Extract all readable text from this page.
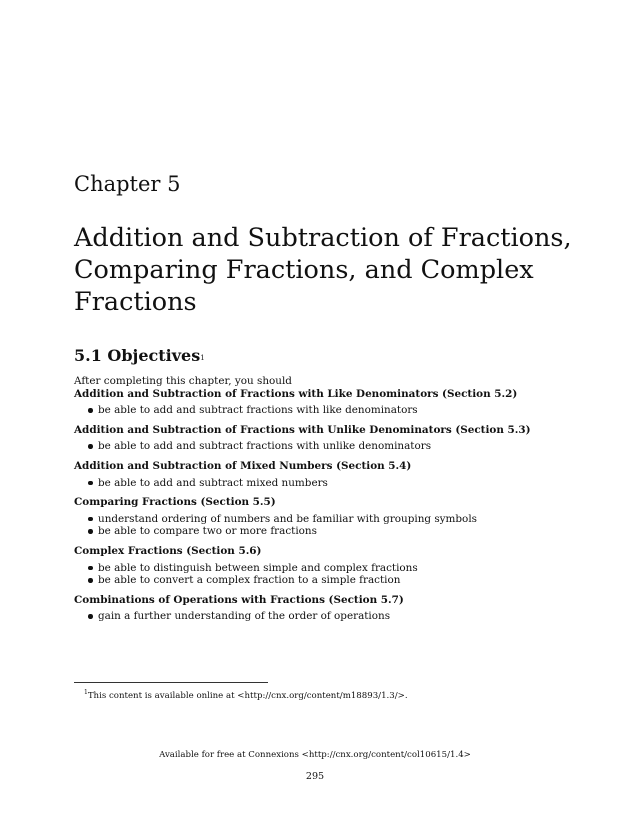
Chapter 5
Addition and Subtraction of Fractions, Comparing Fractions, and Complex Fractions
5.1 Objectives$^1$

After completing this chapter, you should

Addition and Subtraction of Fractions with Like Denominators (Section 5.2)

be able to add and subtract fractions with like denominators

Addition and Subtraction of Fractions with Unlike Denominators (Section 5.3)

be able to add and subtract fractions with unlike denominators

Addition and Subtraction of Mixed Numbers (Section 5.4)

be able to add and subtract mixed numbers

Comparing Fractions (Section 5.5)

understand ordering of numbers and be familiar with grouping symbols
be able to compare two or more fractions

Complex Fractions (Section 5.6)

be able to distinguish between simple and complex fractions
be able to convert a complex fraction to a simple fraction

Combinations of Operations with Fractions (Section 5.7)

gain a further understanding of the order of operations

$^1$This content is available online at <http://cnx.org/content/m18893/1.3/>.

Available for free at Connexions <http://cnx.org/content/col10615/1.4>

295
